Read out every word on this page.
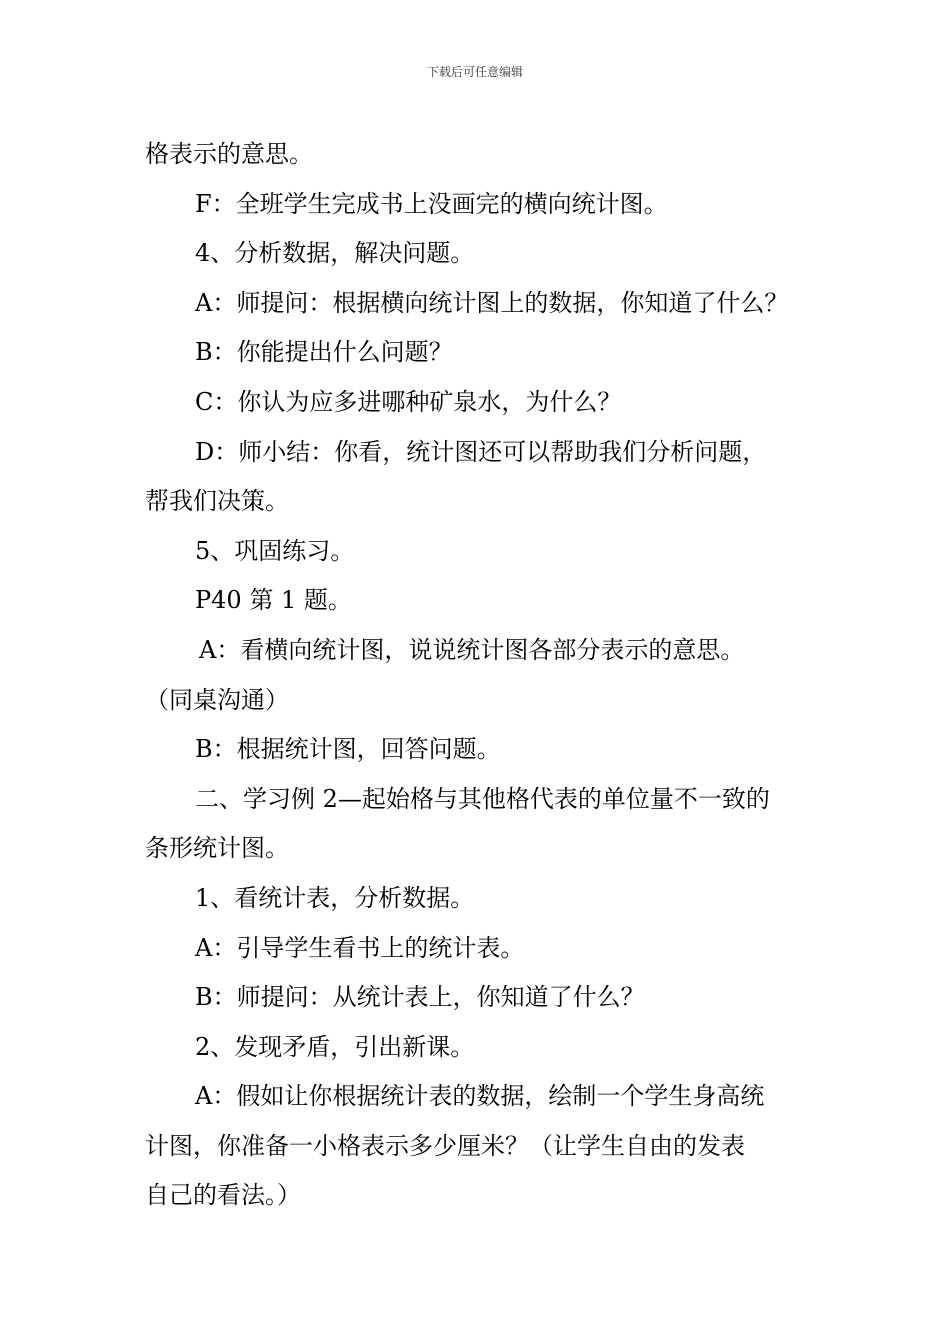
下载后可任意编辑

格表示的意思。

F：全班学生完成书上没画完的横向统计图。

4、分析数据，解决问题。

A：师提问：根据横向统计图上的数据，你知道了什么？

B：你能提出什么问题？

C：你认为应多进哪种矿泉水，为什么？

D：师小结：你看，统计图还可以帮助我们分析问题，

帮我们决策。

5、巩固练习。

P40 第 1 题。

A：看横向统计图，说说统计图各部分表示的意思。

（同桌沟通）

B：根据统计图，回答问题。

二、学习例 2—起始格与其他格代表的单位量不一致的

条形统计图。

1、看统计表，分析数据。

A：引导学生看书上的统计表。

B：师提问：从统计表上，你知道了什么？

2、发现矛盾，引出新课。

A：假如让你根据统计表的数据，绘制一个学生身高统

计图，你准备一小格表示多少厘米？（让学生自由的发表

自己的看法。）
